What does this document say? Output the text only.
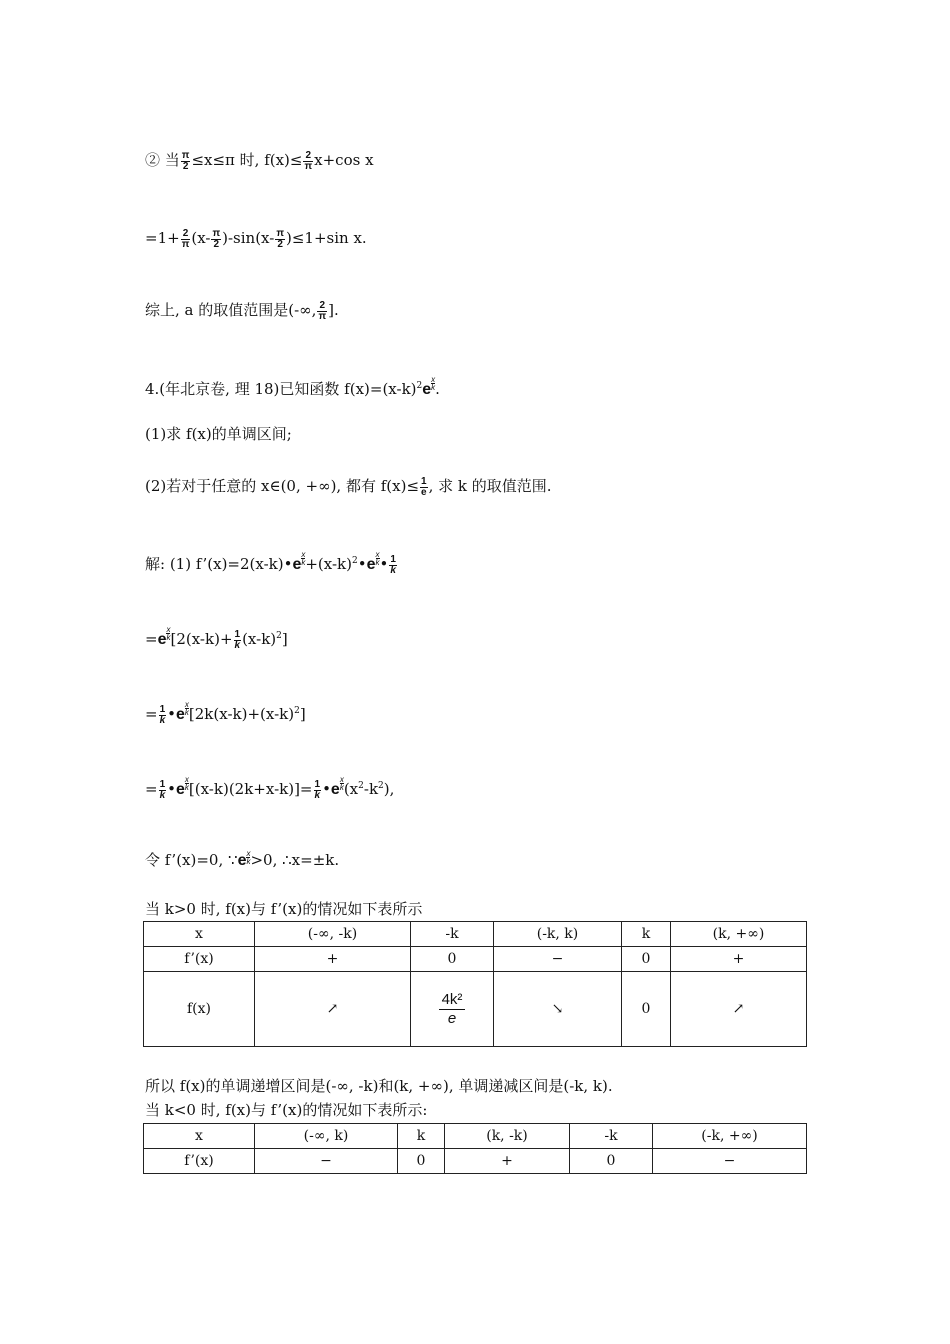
② 当 $\frac{\pi}{2} \le x\le\pi$ 时, $f(x)\le \frac{2}{\pi} x+\cos$ x
$=1+ \frac{2}{\pi} (x- \frac{\pi}{2} )-\sin(x- \frac{\pi}{2} )\le 1+\sin$ x.
综上, a 的取值范围是(-∞, $\frac{2}{\pi}$ ].
4.(年北京卷, 理 18)已知函数 $f(x)=(x-k)^2e \frac{x}{k}$ .
(1)求 f(x)的单调区间;
(2)若对于任意的 x∈(0, +∞), 都有 $f(x)\le \frac{1}{e}$ , 求 k 的取值范围.
解: (1) f’(x)=2(x-k)•e $\frac{x}{k}$ $+(x-k)^2•e \frac{x}{k}$ • $\frac{1}{k}$
$=e \frac{x}{k} [2(x-k)+ \frac{1}{k} (x-k)^2]$
= $\frac{1}{k}$ •e $\frac{x}{k} [2k(x-k)+(x-k)^2]$
= $\frac{1}{k}$ •e $\frac{x}{k} [(x-k)(2k+x-k)]= \frac{1}{k}$ •e $\frac{x}{k} (x^2-k^2)$,
令 f’(x)=0, ∵e $\frac{x}{k} >0$, ∴x=±k.
当 k>0 时, f(x)与 f’(x)的情况如下表所示
x	(-∞, -k)	-k	(-k, k)	k	(k, +∞)
f’(x)	+	0	−	0	+
f(x)	↗	$\frac{\text{4k²}}{e}$	↘	0	↗
所以 f(x)的单调递增区间是(-∞, -k)和(k, +∞), 单调递减区间是(-k, k).
当 k<0 时, f(x)与 f’(x)的情况如下表所示:
x	(-∞, k)	k	(k, -k)	-k	(-k, +∞)
f’(x)	−	0	+	0	−
